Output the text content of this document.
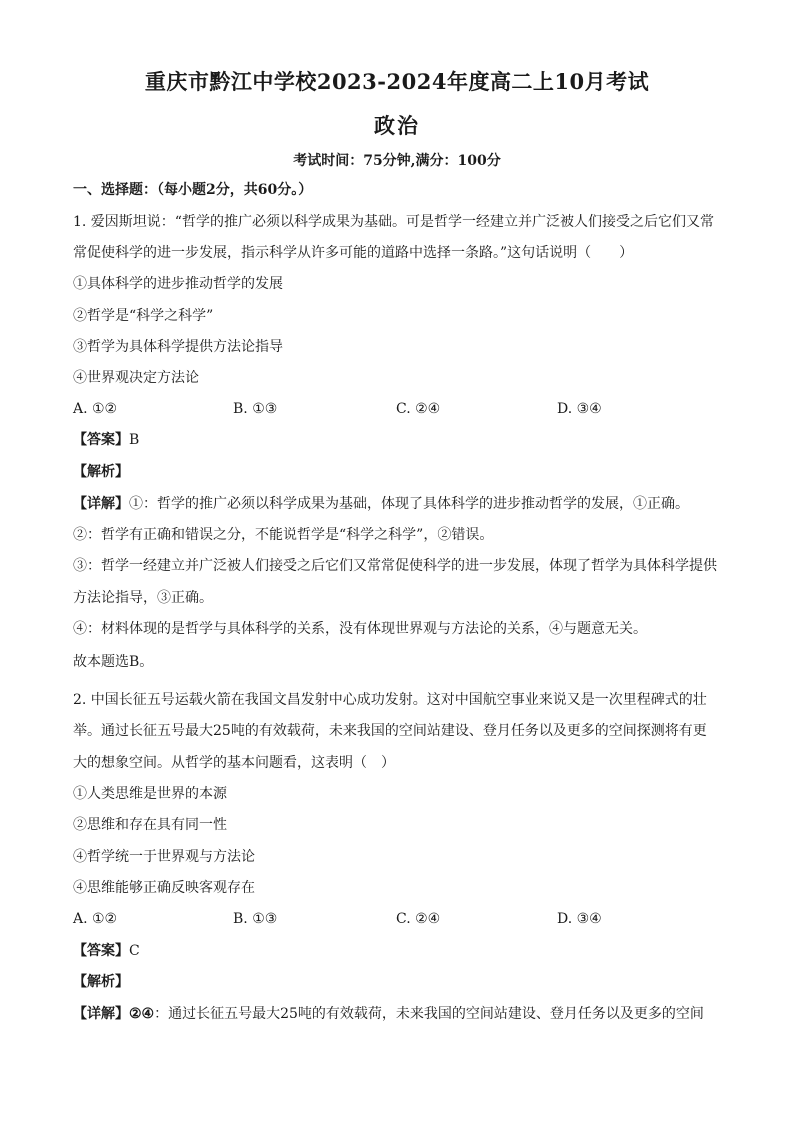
重庆市黔江中学校2023-2024年度高二上10月考试
政治
考试时间：75分钟,满分：100分
一、选择题：（每小题2分，共60分。）
1. 爱因斯坦说：“哲学的推广必须以科学成果为基础。可是哲学一经建立并广泛被人们接受之后它们又常
常促使科学的进一步发展，指示科学从许多可能的道路中选择一条路。”这句话说明（　　）
①具体科学的进步推动哲学的发展
②哲学是“科学之科学”
③哲学为具体科学提供方法论指导
④世界观决定方法论
A. ①②	B. ①③	C. ②④	D. ③④
【答案】B
【解析】
【详解】①：哲学的推广必须以科学成果为基础，体现了具体科学的进步推动哲学的发展，①正确。
②：哲学有正确和错误之分，不能说哲学是“科学之科学”，②错误。
③：哲学一经建立并广泛被人们接受之后它们又常常促使科学的进一步发展，体现了哲学为具体科学提供
方法论指导，③正确。
④：材料体现的是哲学与具体科学的关系，没有体现世界观与方法论的关系，④与题意无关。
故本题选B。
2. 中国长征五号运载火箭在我国文昌发射中心成功发射。这对中国航空事业来说又是一次里程碑式的壮
举。通过长征五号最大25吨的有效载荷，未来我国的空间站建设、登月任务以及更多的空间探测将有更
大的想象空间。从哲学的基本问题看，这表明（　）
①人类思维是世界的本源
②思维和存在具有同一性
④哲学统一于世界观与方法论
④思维能够正确反映客观存在
A. ①②	B. ①③	C. ②④	D. ③④
【答案】C
【解析】
【详解】②④：通过长征五号最大25吨的有效载荷，未来我国的空间站建设、登月任务以及更多的空间
